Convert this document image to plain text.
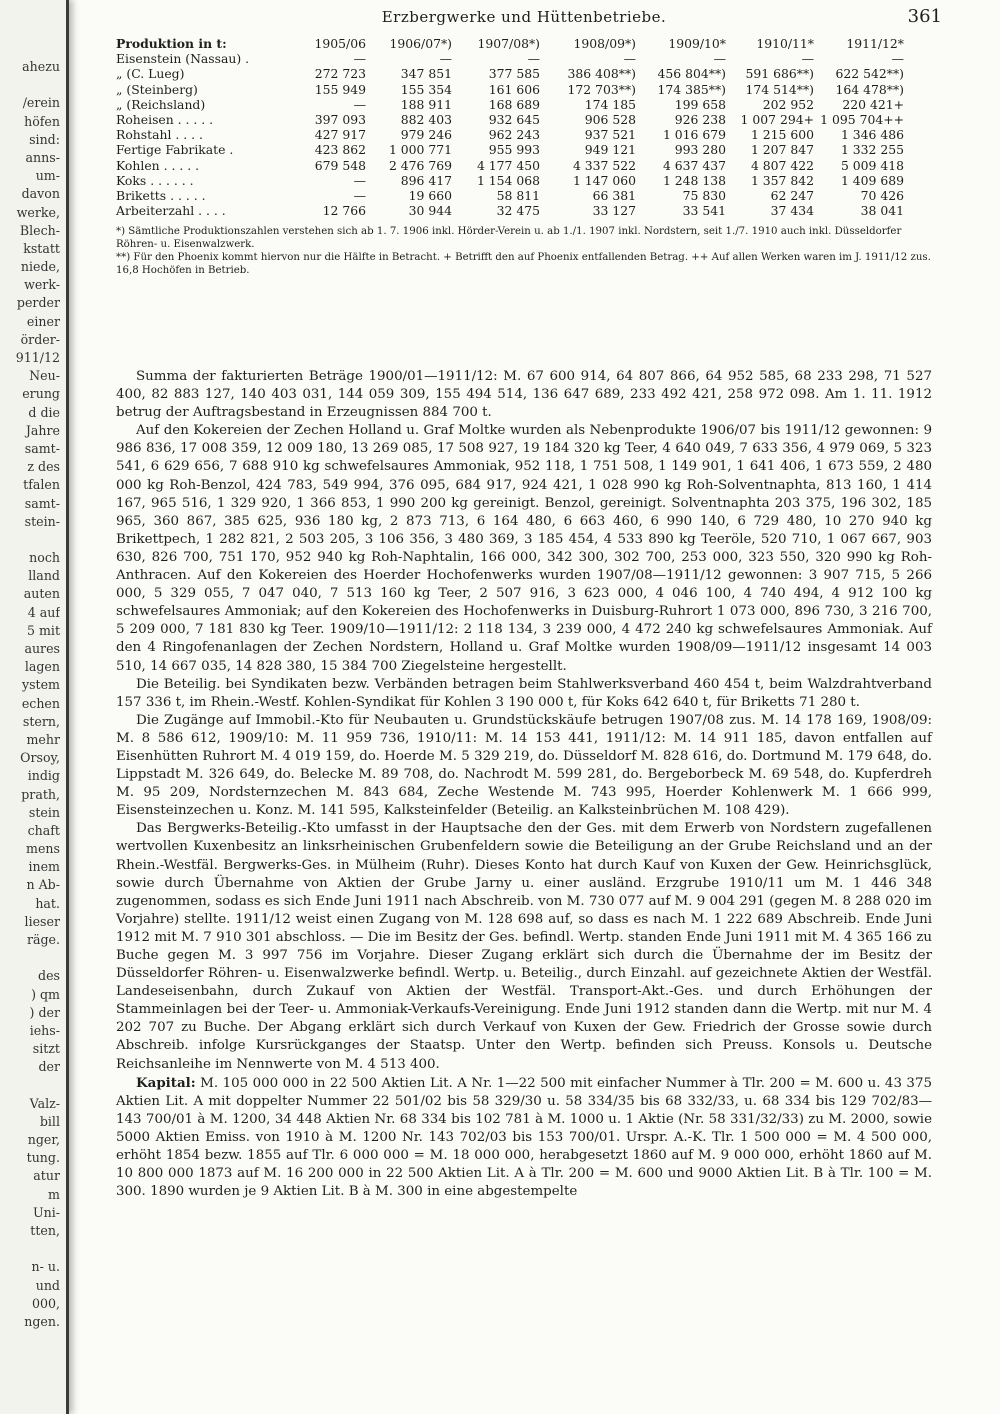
ahezu
/erein
höfen
sind:
anns-
um-
davon
werke,
Blech-
kstatt
niede,
werk-
perder
einer
örder-
911/12
Neu-
erung
d die
Jahre
samt-
z des
tfalen
samt-
stein-
noch
lland
auten
4 auf
5 mit
aures
lagen
ystem
echen
stern,
mehr
Orsoy,
indig
prath,
stein
chaft
mens
inem
n Ab-
hat.
lieser
räge.
des
) qm
) der
iehs-
sitzt
der
Valz-
bill
nger,
tung.
atur
m
Uni-
tten,
n- u.
und
000,
ngen.
Erzbergwerke und Hüttenbetriebe.	361
Produktion in t:	1905/06	1906/07*)	1907/08*)	1908/09*)	1909/10*	1910/11*	1911/12*
Eisenstein (Nassau) .	—	—	—	—	—	—	—
„ (C. Lueg)	272 723	347 851	377 585	386 408**)	456 804**)	591 686**)	622 542**)
„ (Steinberg)	155 949	155 354	161 606	172 703**)	174 385**)	174 514**)	164 478**)
„ (Reichsland)	—	188 911	168 689	174 185	199 658	202 952	220 421+
Roheisen . . . . .	397 093	882 403	932 645	906 528	926 238	1 007 294+	1 095 704++
Rohstahl . . . .	427 917	979 246	962 243	937 521	1 016 679	1 215 600	1 346 486
Fertige Fabrikate .	423 862	1 000 771	955 993	949 121	993 280	1 207 847	1 332 255
Kohlen . . . . .	679 548	2 476 769	4 177 450	4 337 522	4 637 437	4 807 422	5 009 418
Koks . . . . . .	—	896 417	1 154 068	1 147 060	1 248 138	1 357 842	1 409 689
Briketts . . . . .	—	19 660	58 811	66 381	75 830	62 247	70 426
Arbeiterzahl . . . .	12 766	30 944	32 475	33 127	33 541	37 434	38 041
*) Sämtliche Produktionszahlen verstehen sich ab 1. 7. 1906 inkl. Hörder-Verein u. ab 1./1. 1907 inkl. Nordstern, seit 1./7. 1910 auch inkl. Düsseldorfer Röhren- u. Eisenwalzwerk.
**) Für den Phoenix kommt hiervon nur die Hälfte in Betracht. + Betrifft den auf Phoenix entfallenden Betrag. ++ Auf allen Werken waren im J. 1911/12 zus. 16,8 Hochöfen in Betrieb.

Summa der fakturierten Beträge 1900/01—1911/12: M. 67 600 914, 64 807 866, 64 952 585, 68 233 298, 71 527 400, 82 883 127, 140 403 031, 144 059 309, 155 494 514, 136 647 689, 233 492 421, 258 972 098. Am 1. 11. 1912 betrug der Auftragsbestand in Erzeugnissen 884 700 t.

Auf den Kokereien der Zechen Holland u. Graf Moltke wurden als Nebenprodukte 1906/07 bis 1911/12 gewonnen: 9 986 836, 17 008 359, 12 009 180, 13 269 085, 17 508 927, 19 184 320 kg Teer, 4 640 049, 7 633 356, 4 979 069, 5 323 541, 6 629 656, 7 688 910 kg schwefelsaures Ammoniak, 952 118, 1 751 508, 1 149 901, 1 641 406, 1 673 559, 2 480 000 kg Roh-Benzol, 424 783, 549 994, 376 095, 684 917, 924 421, 1 028 990 kg Roh-Solventnaphta, 813 160, 1 414 167, 965 516, 1 329 920, 1 366 853, 1 990 200 kg gereinigt. Benzol, gereinigt. Solventnaphta 203 375, 196 302, 185 965, 360 867, 385 625, 936 180 kg, 2 873 713, 6 164 480, 6 663 460, 6 990 140, 6 729 480, 10 270 940 kg Brikettpech, 1 282 821, 2 503 205, 3 106 356, 3 480 369, 3 185 454, 4 533 890 kg Teeröle, 520 710, 1 067 667, 903 630, 826 700, 751 170, 952 940 kg Roh-Naphtalin, 166 000, 342 300, 302 700, 253 000, 323 550, 320 990 kg Roh-Anthracen. Auf den Kokereien des Hoerder Hochofenwerks wurden 1907/08—1911/12 gewonnen: 3 907 715, 5 266 000, 5 329 055, 7 047 040, 7 513 160 kg Teer, 2 507 916, 3 623 000, 4 046 100, 4 740 494, 4 912 100 kg schwefelsaures Ammoniak; auf den Kokereien des Hochofenwerks in Duisburg-Ruhrort 1 073 000, 896 730, 3 216 700, 5 209 000, 7 181 830 kg Teer. 1909/10—1911/12: 2 118 134, 3 239 000, 4 472 240 kg schwefelsaures Ammoniak. Auf den 4 Ringofenanlagen der Zechen Nordstern, Holland u. Graf Moltke wurden 1908/09—1911/12 insgesamt 14 003 510, 14 667 035, 14 828 380, 15 384 700 Ziegelsteine hergestellt.

Die Beteilig. bei Syndikaten bezw. Verbänden betragen beim Stahlwerksverband 460 454 t, beim Walzdrahtverband 157 336 t, im Rhein.-Westf. Kohlen-Syndikat für Kohlen 3 190 000 t, für Koks 642 640 t, für Briketts 71 280 t.

Die Zugänge auf Immobil.-Kto für Neubauten u. Grundstückskäufe betrugen 1907/08 zus. M. 14 178 169, 1908/09: M. 8 586 612, 1909/10: M. 11 959 736, 1910/11: M. 14 153 441, 1911/12: M. 14 911 185, davon entfallen auf Eisenhütten Ruhrort M. 4 019 159, do. Hoerde M. 5 329 219, do. Düsseldorf M. 828 616, do. Dortmund M. 179 648, do. Lippstadt M. 326 649, do. Belecke M. 89 708, do. Nachrodt M. 599 281, do. Bergeborbeck M. 69 548, do. Kupferdreh M. 95 209, Nordsternzechen M. 843 684, Zeche Westende M. 743 995, Hoerder Kohlenwerk M. 1 666 999, Eisensteinzechen u. Konz. M. 141 595, Kalksteinfelder (Beteilig. an Kalksteinbrüchen M. 108 429).

Das Bergwerks-Beteilig.-Kto umfasst in der Hauptsache den der Ges. mit dem Erwerb von Nordstern zugefallenen wertvollen Kuxenbesitz an linksrheinischen Grubenfeldern sowie die Beteiligung an der Grube Reichsland und an der Rhein.-Westfäl. Bergwerks-Ges. in Mülheim (Ruhr). Dieses Konto hat durch Kauf von Kuxen der Gew. Heinrichsglück, sowie durch Übernahme von Aktien der Grube Jarny u. einer ausländ. Erzgrube 1910/11 um M. 1 446 348 zugenommen, sodass es sich Ende Juni 1911 nach Abschreib. von M. 730 077 auf M. 9 004 291 (gegen M. 8 288 020 im Vorjahre) stellte. 1911/12 weist einen Zugang von M. 128 698 auf, so dass es nach M. 1 222 689 Abschreib. Ende Juni 1912 mit M. 7 910 301 abschloss. — Die im Besitz der Ges. befindl. Wertp. standen Ende Juni 1911 mit M. 4 365 166 zu Buche gegen M. 3 997 756 im Vorjahre. Dieser Zugang erklärt sich durch die Übernahme der im Besitz der Düsseldorfer Röhren- u. Eisenwalzwerke befindl. Wertp. u. Beteilig., durch Einzahl. auf gezeichnete Aktien der Westfäl. Landeseisenbahn, durch Zukauf von Aktien der Westfäl. Transport-Akt.-Ges. und durch Erhöhungen der Stammeinlagen bei der Teer- u. Ammoniak-Verkaufs-Vereinigung. Ende Juni 1912 standen dann die Wertp. mit nur M. 4 202 707 zu Buche. Der Abgang erklärt sich durch Verkauf von Kuxen der Gew. Friedrich der Grosse sowie durch Abschreib. infolge Kursrückganges der Staatsp. Unter den Wertp. befinden sich Preuss. Konsols u. Deutsche Reichsanleihe im Nennwerte von M. 4 513 400.

Kapital: M. 105 000 000 in 22 500 Aktien Lit. A Nr. 1—22 500 mit einfacher Nummer à Tlr. 200 = M. 600 u. 43 375 Aktien Lit. A mit doppelter Nummer 22 501/02 bis 58 329/30 u. 58 334/35 bis 68 332/33, u. 68 334 bis 129 702/83—143 700/01 à M. 1200, 34 448 Aktien Nr. 68 334 bis 102 781 à M. 1000 u. 1 Aktie (Nr. 58 331/32/33) zu M. 2000, sowie 5000 Aktien Emiss. von 1910 à M. 1200 Nr. 143 702/03 bis 153 700/01. Urspr. A.-K. Tlr. 1 500 000 = M. 4 500 000, erhöht 1854 bezw. 1855 auf Tlr. 6 000 000 = M. 18 000 000, herabgesetzt 1860 auf M. 9 000 000, erhöht 1860 auf M. 10 800 000 1873 auf M. 16 200 000 in 22 500 Aktien Lit. A à Tlr. 200 = M. 600 und 9000 Aktien Lit. B à Tlr. 100 = M. 300. 1890 wurden je 9 Aktien Lit. B à M. 300 in eine abgestempelte
